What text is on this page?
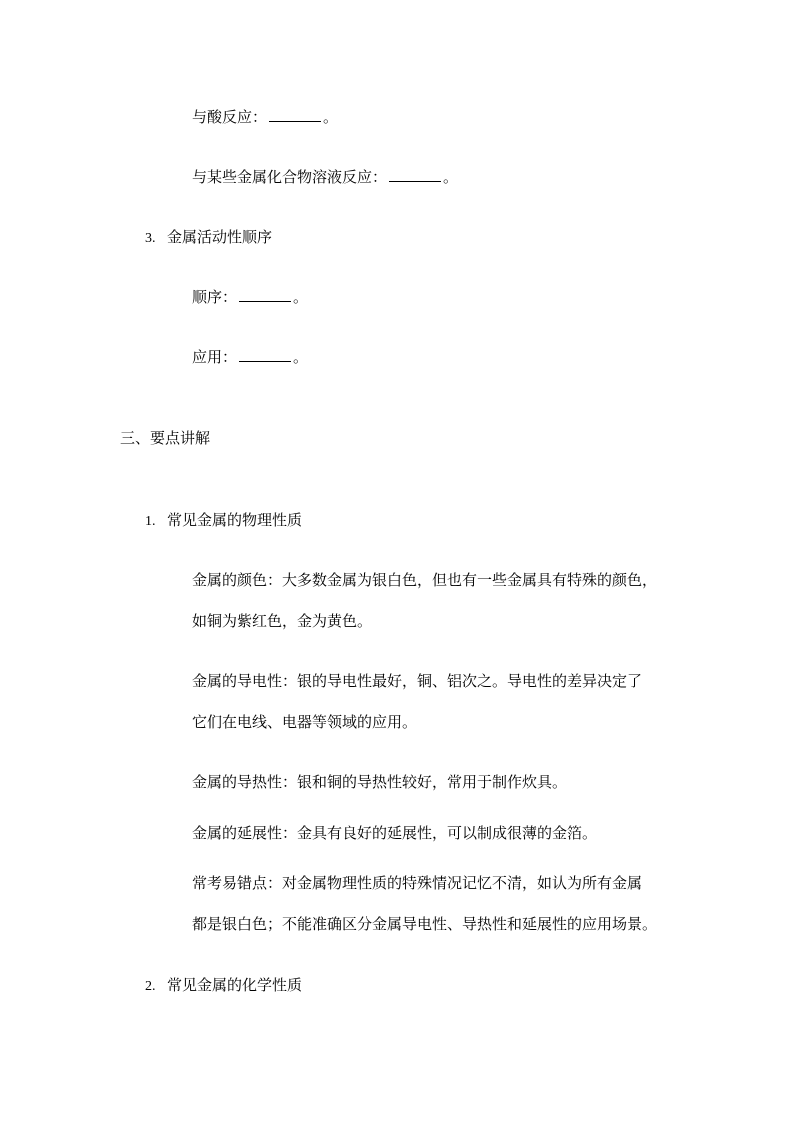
与酸反应：	。
与某些金属化合物溶液反应：	。
3. 金属活动性顺序
顺序：	。
应用：	。
三、要点讲解
1. 常见金属的物理性质
金属的颜色：大多数金属为银白色，但也有一些金属具有特殊的颜色，
如铜为紫红色，金为黄色。
金属的导电性：银的导电性最好，铜、铝次之。导电性的差异决定了
它们在电线、电器等领域的应用。
金属的导热性：银和铜的导热性较好，常用于制作炊具。
金属的延展性：金具有良好的延展性，可以制成很薄的金箔。
常考易错点：对金属物理性质的特殊情况记忆不清，如认为所有金属
都是银白色；不能准确区分金属导电性、导热性和延展性的应用场景。
2. 常见金属的化学性质
